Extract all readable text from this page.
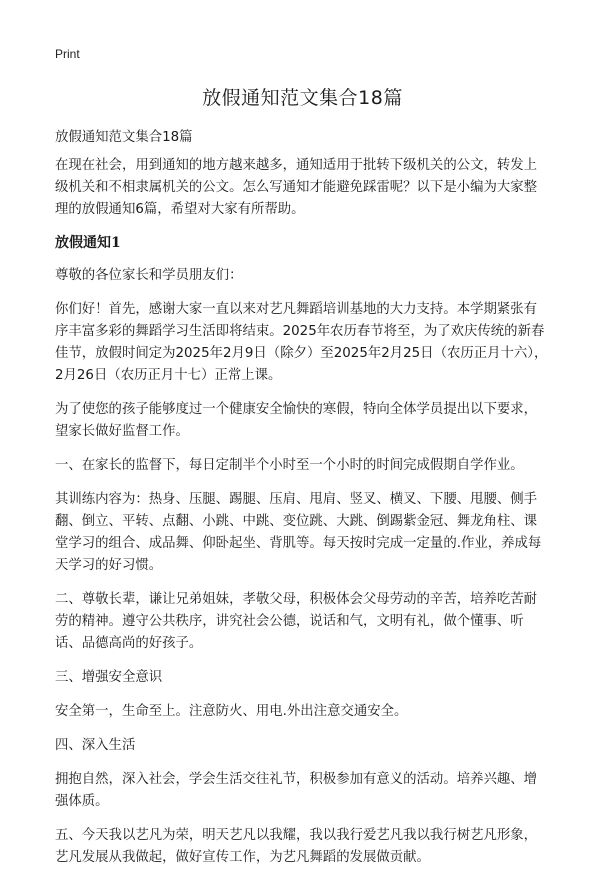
Print
放假通知范文集合18篇

放假通知范文集合18篇

在现在社会，用到通知的地方越来越多，通知适用于批转下级机关的公文，转发上级机关和不相隶属机关的公文。怎么写通知才能避免踩雷呢？以下是小编为大家整理的放假通知6篇，希望对大家有所帮助。

放假通知1

尊敬的各位家长和学员朋友们：

你们好！首先，感谢大家一直以来对艺凡舞蹈培训基地的大力支持。本学期紧张有序丰富多彩的舞蹈学习生活即将结束。2025年农历春节将至，为了欢庆传统的新春佳节，放假时间定为2025年2月9日（除夕）至2025年2月25日（农历正月十六），2月26日（农历正月十七）正常上课。

为了使您的孩子能够度过一个健康安全愉快的寒假，特向全体学员提出以下要求，望家长做好监督工作。

一、在家长的监督下，每日定制半个小时至一个小时的时间完成假期自学作业。

其训练内容为：热身、压腿、踢腿、压肩、甩肩、竖叉、横叉、下腰、甩腰、侧手翻、倒立、平转、点翻、小跳、中跳、变位跳、大跳、倒踢紫金冠、舞龙角柱、课堂学习的组合、成品舞、仰卧起坐、背肌等。每天按时完成一定量的.作业，养成每天学习的好习惯。

二、尊敬长辈，谦让兄弟姐妹，孝敬父母，积极体会父母劳动的辛苦，培养吃苦耐劳的精神。遵守公共秩序，讲究社会公德，说话和气，文明有礼，做个懂事、听话、品德高尚的好孩子。

三、增强安全意识

安全第一，生命至上。注意防火、用电.外出注意交通安全。

四、深入生活

拥抱自然，深入社会，学会生活交往礼节，积极参加有意义的活动。培养兴趣、增强体质。

五、今天我以艺凡为荣，明天艺凡以我耀，我以我行爱艺凡我以我行树艺凡形象，艺凡发展从我做起，做好宣传工作，为艺凡舞蹈的发展做贡献。
